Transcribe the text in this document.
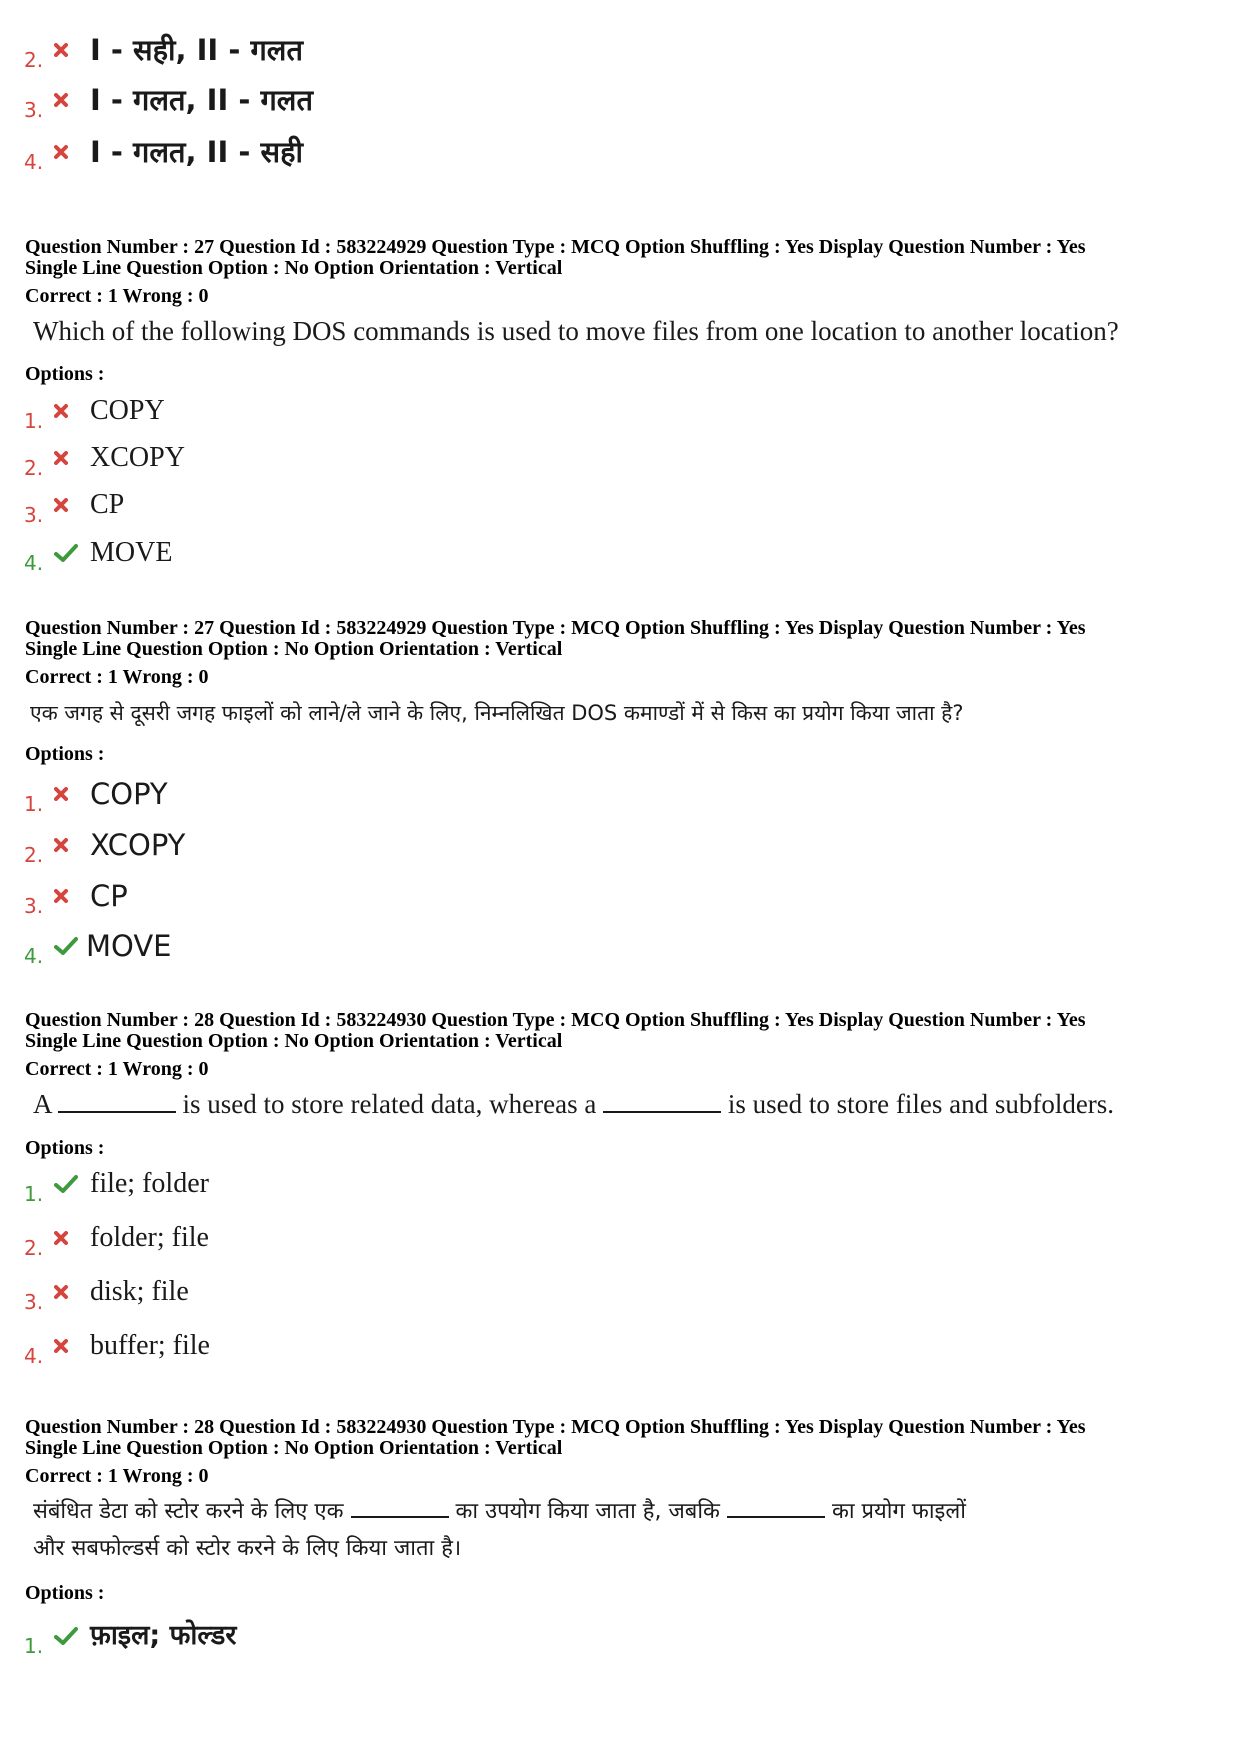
2. I - सही, II - गलत
3. I - गलत, II - गलत
4. I - गलत, II - सही
Question Number : 27 Question Id : 583224929 Question Type : MCQ Option Shuffling : Yes Display Question Number : Yes
Single Line Question Option : No Option Orientation : Vertical
Correct : 1 Wrong : 0
Which of the following DOS commands is used to move files from one location to another location?
Options :
1. COPY
2. XCOPY
3. CP
4. MOVE
Question Number : 27 Question Id : 583224929 Question Type : MCQ Option Shuffling : Yes Display Question Number : Yes
Single Line Question Option : No Option Orientation : Vertical
Correct : 1 Wrong : 0
एक जगह से दूसरी जगह फाइलों को लाने/ले जाने के लिए, निम्नलिखित DOS कमाण्डों में से किस का प्रयोग किया जाता है?
Options :
1. COPY
2. XCOPY
3. CP
4. MOVE
Question Number : 28 Question Id : 583224930 Question Type : MCQ Option Shuffling : Yes Display Question Number : Yes
Single Line Question Option : No Option Orientation : Vertical
Correct : 1 Wrong : 0
A	is used to store related data, whereas a	is used to store files and subfolders.
Options :
1. file; folder
2. folder; file
3. disk; file
4. buffer; file
Question Number : 28 Question Id : 583224930 Question Type : MCQ Option Shuffling : Yes Display Question Number : Yes
Single Line Question Option : No Option Orientation : Vertical
Correct : 1 Wrong : 0
संबंधित डेटा को स्टोर करने के लिए एक	का उपयोग किया जाता है, जबकि	का प्रयोग फाइलों
और सबफोल्डर्स को स्टोर करने के लिए किया जाता है।
Options :
1. फ़ाइल; फोल्डर
